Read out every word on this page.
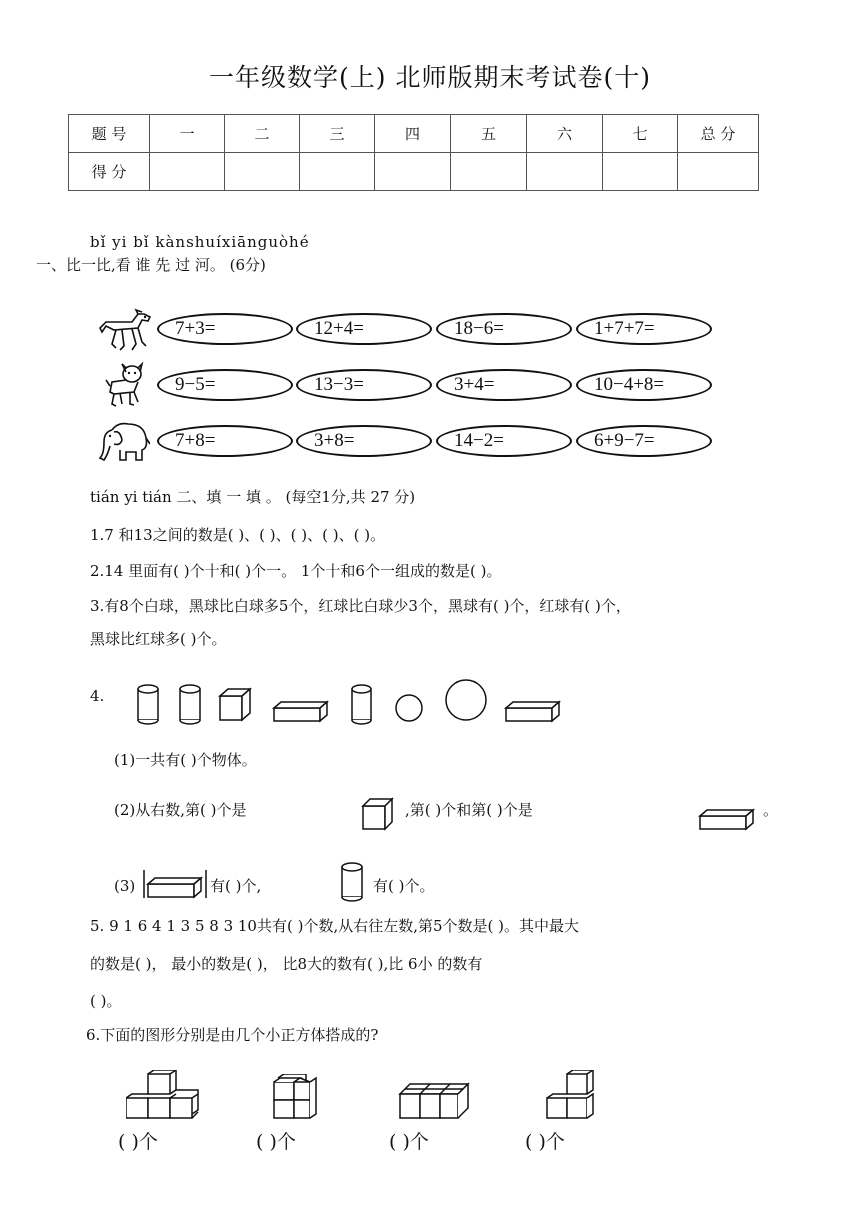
一年级数学(上) 北师版期末考试卷(十)
题 号	一	二	三	四	五	六	七	总 分
得 分								
bǐ yi bǐ kànshuíxiānguòhé
一、比一比,看 谁 先 过 河。 (6分)
7+3=	12+4=	18−6=	1+7+7=
9−5=	13−3=	3+4=	10−4+8=
7+8=	3+8=	14−2=	6+9−7=
tián yi tián 二、填 一 填 。 (每空1分,共 27 分)
1.7 和13之间的数是( )、( )、( )、( )、( )。
2.14 里面有( )个十和( )个一。 1个十和6个一组成的数是( )。
3.有8个白球，黑球比白球多5个，红球比白球少3个，黑球有( )个，红球有( )个，
黑球比红球多( )个。
4.
(1)一共有( )个物体。
(2)从右数,第( )个是	,第( )个和第( )个是	。
(3)	有( )个,	有( )个。
5. 9 1 6 4 1 3 5 8 3 10共有( )个数,从右往左数,第5个数是( )。其中最大
的数是( )， 最小的数是( )， 比8大的数有( ),比 6小 的数有
( )。
6.下面的图形分别是由几个小正方体搭成的?
( )个	( )个	( )个	( )个
